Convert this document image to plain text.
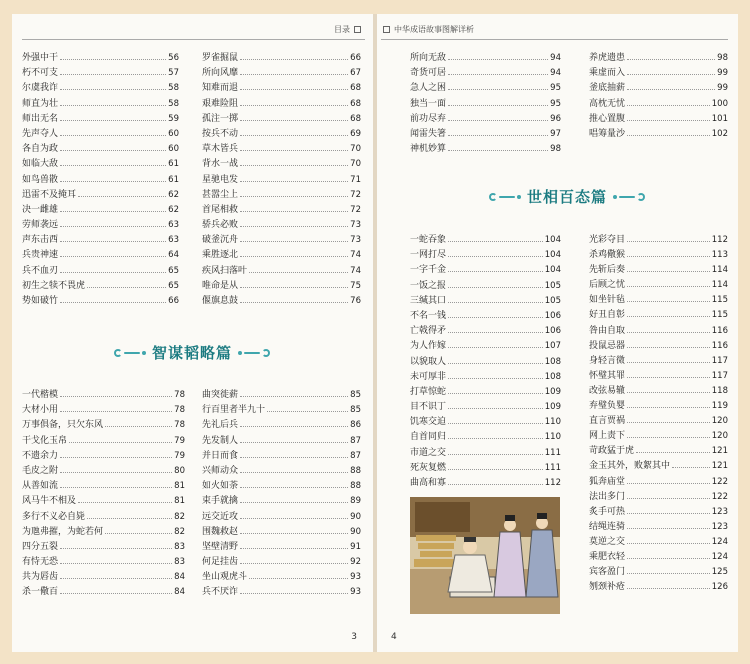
目录
外强中干	56
朽不可支	57
尔虞我诈	58
师直为壮	58
师出无名	59
先声夺人	60
各自为政	60
如临大敌	61
如鸟兽散	61
迅雷不及掩耳	62
决一雌雄	62
劳师袭远	63
声东击西	63
兵贵神速	64
兵不血刃	65
初生之犊不畏虎	65
势如破竹	66
罗雀掘鼠	66
所向风靡	67
知难而退	68
艰难险阻	68
孤注一掷	68
按兵不动	69
草木皆兵	70
背水一战	70
星驰电发	71
甚嚣尘上	72
首尾相救	72
骄兵必败	73
破釜沉舟	73
乘胜逐北	74
疾风扫落叶	74
唯命是从	75
偃旗息鼓	76
智谋韬略篇
一代楷模	78
大材小用	78
万事俱备，只欠东风	78
干戈化玉帛	79
不遗余力	79
毛皮之附	80
从善如流	81
风马牛不相及	81
多行不义必自毙	82
为虺弗摧，为蛇若何	82
四分五裂	83
有恃无恐	83
共为唇齿	84
杀一儆百	84
曲突徙薪	85
行百里者半九十	85
先礼后兵	86
先发制人	87
并日而食	87
兴师动众	88
如火如荼	88
束手就擒	89
远交近攻	90
围魏救赵	90
坚壁清野	91
何足挂齿	92
坐山观虎斗	93
兵不厌诈	93
3
中华成语故事图解详析
所向无敌	94
奇货可居	94
急人之困	95
独当一面	95
前功尽弃	96
闻雷失箸	97
神机妙算	98
养虎遗患	98
乘虚而入	99
釜底抽薪	99
高枕无忧	100
推心置腹	101
唱筹量沙	102
世相百态篇
一蛇吞象	104
一网打尽	104
一字千金	104
一饭之报	105
三缄其口	105
不名一钱	106
亡戟得矛	106
为人作嫁	107
以貌取人	108
未可厚非	108
打草惊蛇	109
目不识丁	109
饥寒交迫	110
自首同归	110
市道之交	111
死灰复燃	111
曲高和寡	112
光彩夺目	112
杀鸡儆猴	113
先斩后奏	114
后顾之忧	114
如坐针毡	115
好丑自彰	115
咎由自取	116
投鼠忌器	116
身轻言微	117
怀璧其罪	117
改弦易辙	118
弃璧负婴	119
直言贾祸	120
网上责下	120
苛政猛于虎	121
金玉其外，败絮其中	121
狐奔庙堂	122
法出多门	122
炙手可热	123
结绳连骑	123
莫逆之交	124
乘肥衣轻	124
宾客盈门	125
刎颈补疮	126
4
